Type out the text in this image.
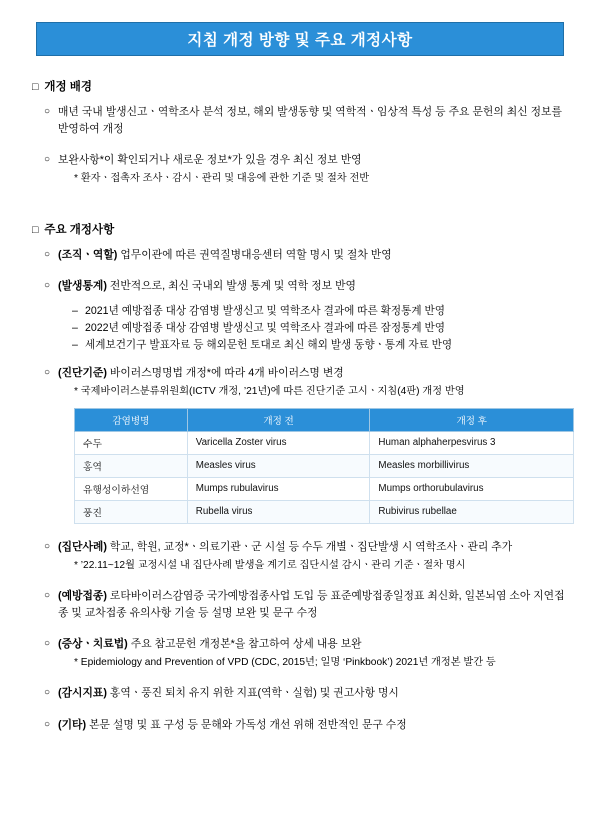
지침 개정 방향 및 주요 개정사항
□ 개정 배경
○ 매년 국내 발생신고ㆍ역학조사 분석 정보, 해외 발생동향 및 역학적ㆍ임상적 특성 등 주요 문헌의 최신 정보를 반영하여 개정
○ 보완사항*이 확인되거나 새로운 정보*가 있을 경우 최신 정보 반영
* 환자ㆍ접촉자 조사ㆍ감시ㆍ관리 및 대응에 관한 기준 및 절차 전반
□ 주요 개정사항
○ (조직ㆍ역할) 업무이관에 따른 권역질병대응센터 역할 명시 및 절차 반영
○ (발생통계) 전반적으로, 최신 국내외 발생 통계 및 역학 정보 반영
– 2021년 예방접종 대상 감염병 발생신고 및 역학조사 결과에 따른 확정통계 반영
– 2022년 예방접종 대상 감염병 발생신고 및 역학조사 결과에 따른 잠정통계 반영
– 세계보건기구 발표자료 등 해외문헌 토대로 최신 해외 발생 동향ㆍ통계 자료 반영
○ (진단기준) 바이러스명명법 개정*에 따라 4개 바이러스명 변경
* 국제바이러스분류위원회(ICTV 개정, ’21년)에 따른 진단기준 고시ㆍ지침(4판) 개정 반영
감염병명	개정 전	개정 후
수두	Varicella Zoster virus	Human alphaherpesvirus 3
홍역	Measles virus	Measles morbillivirus
유행성이하선염	Mumps rubulavirus	Mumps orthorubulavirus
풍진	Rubella virus	Rubivirus rubellae
○ (집단사례) 학교, 학원, 교정*ㆍ의료기관ㆍ군 시설 등 수두 개별ㆍ집단발생 시 역학조사ㆍ관리 추가
* ’22.11~12월 교정시설 내 집단사례 발생을 계기로 집단시설 감시ㆍ관리 기준ㆍ절차 명시
○ (예방접종) 로타바이러스감염증 국가예방접종사업 도입 등 표준예방접종일정표 최신화, 일본뇌염 소아 지연접종 및 교차접종 유의사항 기술 등 설명 보완 및 문구 수정
○ (증상ㆍ치료법) 주요 참고문헌 개정본*을 참고하여 상세 내용 보완
* Epidemiology and Prevention of VPD (CDC, 2015년; 일명 ‘Pinkbook’) 2021년 개정본 발간 등
○ (감시지표) 홍역ㆍ풍진 퇴치 유지 위한 지표(역학ㆍ실험) 및 권고사항 명시
○ (기타) 본문 설명 및 표 구성 등 문해와 가독성 개선 위해 전반적인 문구 수정
